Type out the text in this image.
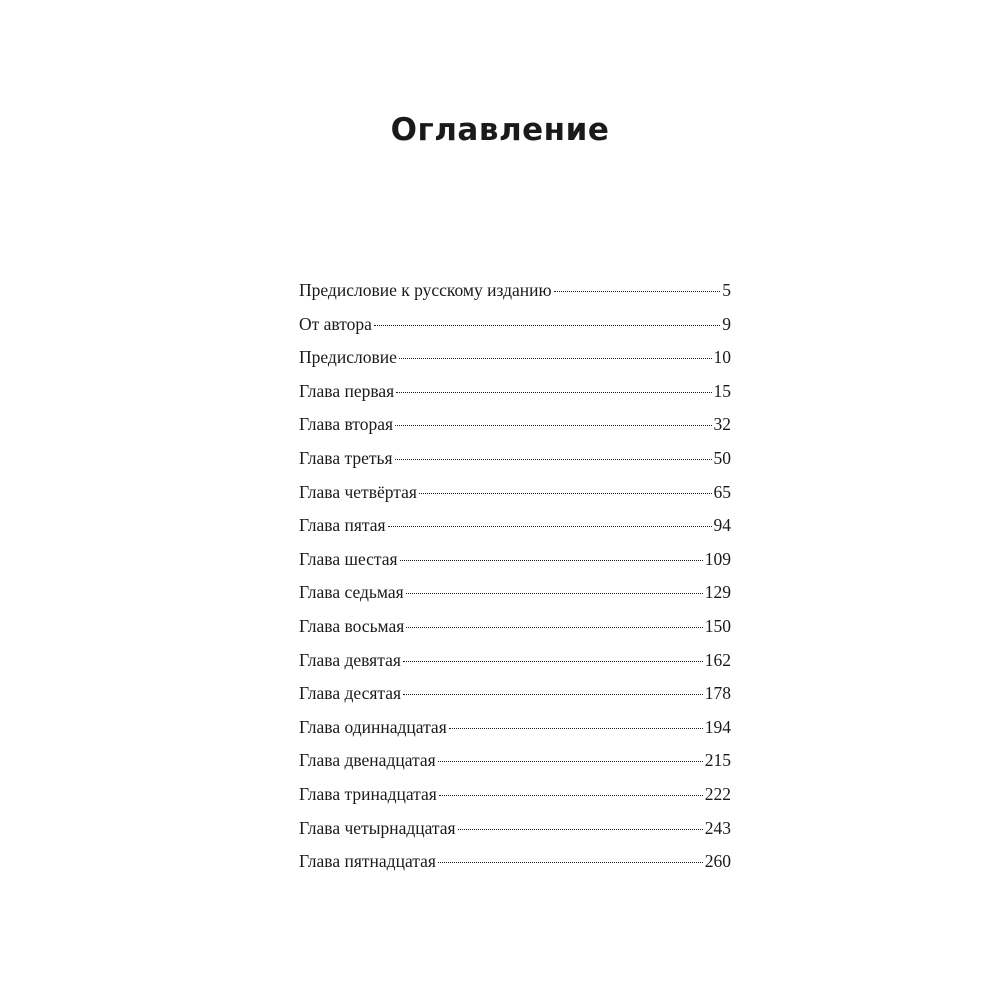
Оглавление
Предисловие к русскому изданию	5
От автора	9
Предисловие	10
Глава первая	15
Глава вторая	32
Глава третья	50
Глава четвёртая	65
Глава пятая	94
Глава шестая	109
Глава седьмая	129
Глава восьмая	150
Глава девятая	162
Глава десятая	178
Глава одиннадцатая	194
Глава двенадцатая	215
Глава тринадцатая	222
Глава четырнадцатая	243
Глава пятнадцатая	260
